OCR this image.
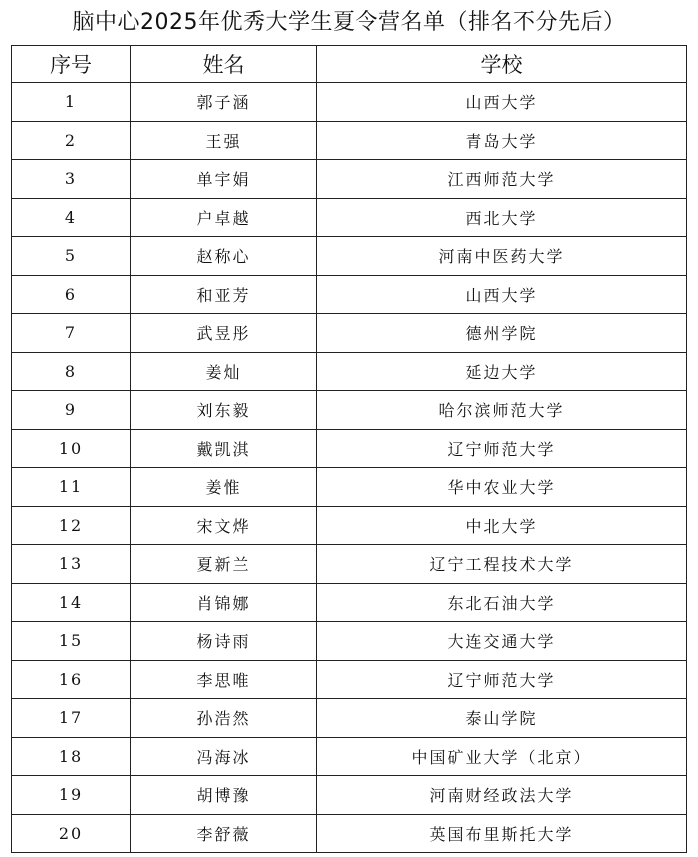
脑中心2025年优秀大学生夏令营名单（排名不分先后）
序号	姓名	学校
1	郭子涵	山西大学
2	王强	青岛大学
3	单宇娟	江西师范大学
4	户卓越	西北大学
5	赵称心	河南中医药大学
6	和亚芳	山西大学
7	武昱彤	德州学院
8	姜灿	延边大学
9	刘东毅	哈尔滨师范大学
10	戴凯淇	辽宁师范大学
11	姜惟	华中农业大学
12	宋文烨	中北大学
13	夏新兰	辽宁工程技术大学
14	肖锦娜	东北石油大学
15	杨诗雨	大连交通大学
16	李思唯	辽宁师范大学
17	孙浩然	泰山学院
18	冯海冰	中国矿业大学（北京）
19	胡博豫	河南财经政法大学
20	李舒薇	英国布里斯托大学
